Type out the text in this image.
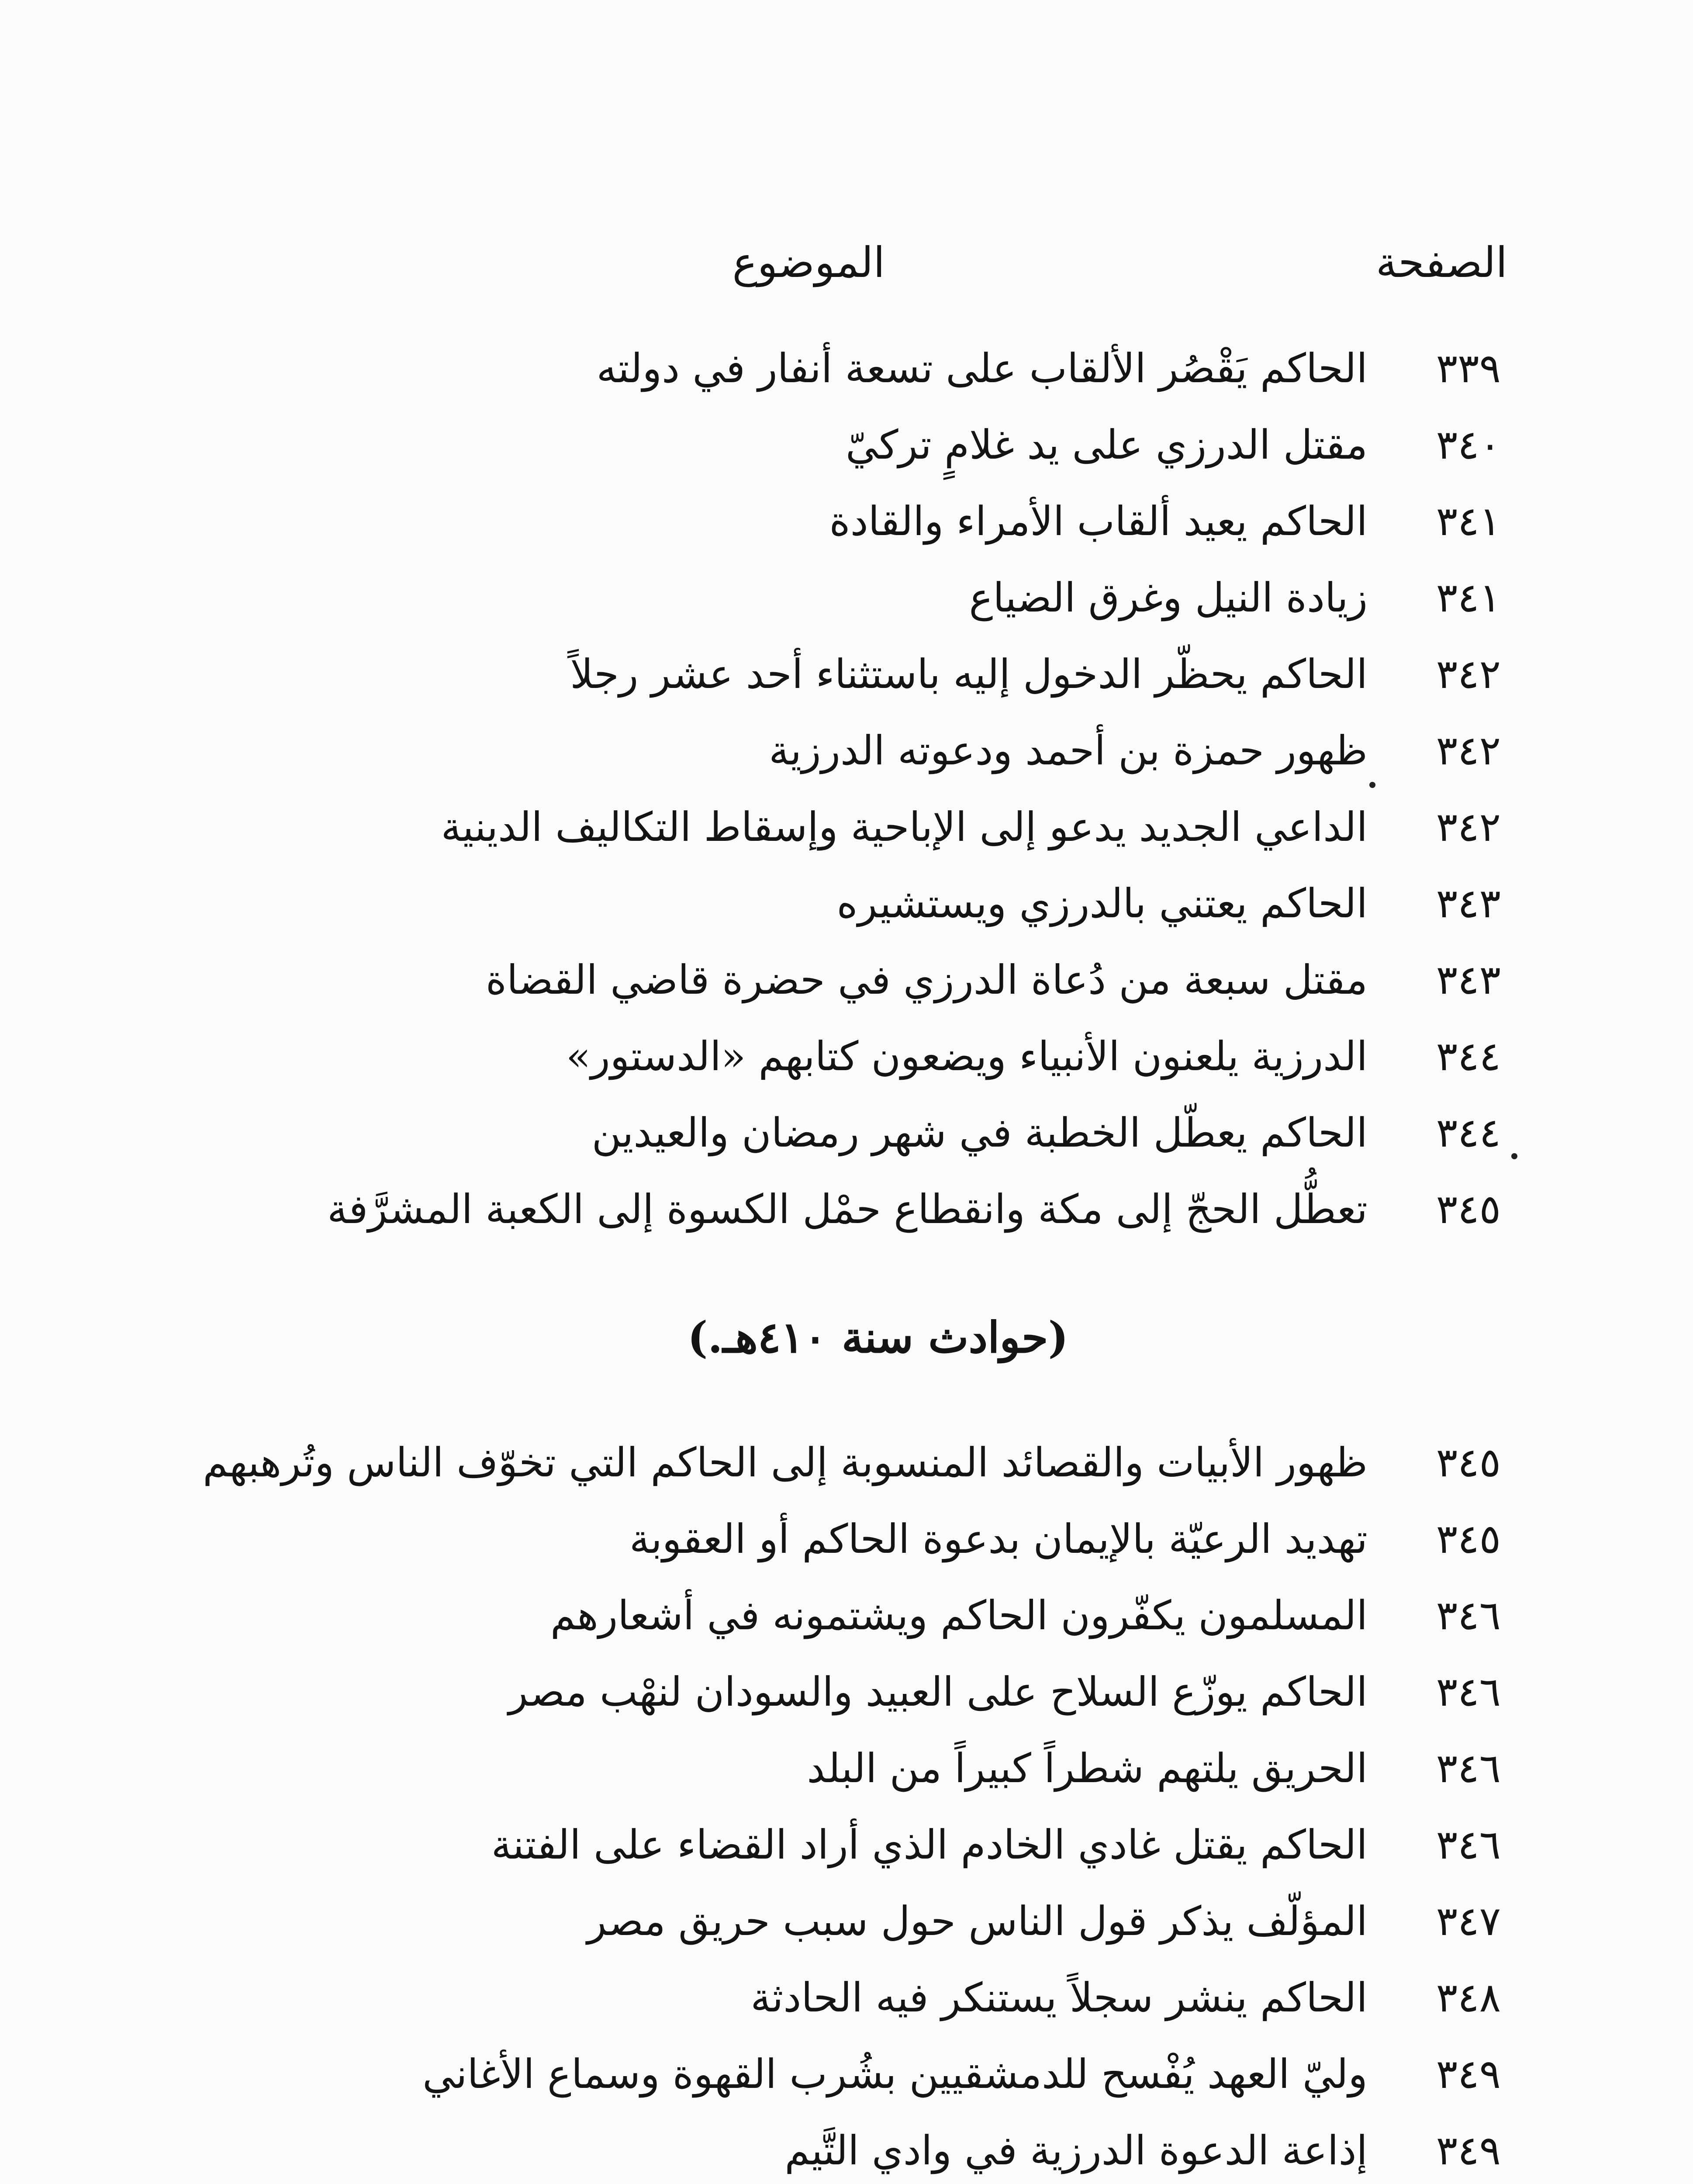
الصفحة
الموضوع
٣٣٩
الحاكم يَقْصُر الألقاب على تسعة أنفار في دولته
٣٤٠
مقتل الدرزي على يد غلامٍ تركيّ
٣٤١
الحاكم يعيد ألقاب الأمراء والقادة
٣٤١
زيادة النيل وغرق الضياع
٣٤٢
الحاكم يحظّر الدخول إليه باستثناء أحد عشر رجلاً
٣٤٢
ظهور حمزة بن أحمد ودعوته الدرزية
٣٤٢
الداعي الجديد يدعو إلى الإباحية وإسقاط التكاليف الدينية
٣٤٣
الحاكم يعتني بالدرزي ويستشيره
٣٤٣
مقتل سبعة من دُعاة الدرزي في حضرة قاضي القضاة
٣٤٤
الدرزية يلعنون الأنبياء ويضعون كتابهم «الدستور»
٣٤٤
الحاكم يعطّل الخطبة في شهر رمضان والعيدين
٣٤٥
تعطُّل الحجّ إلى مكة وانقطاع حمْل الكسوة إلى الكعبة المشرَّفة
(حوادث سنة ٤١٠هـ.)
٣٤٥
ظهور الأبيات والقصائد المنسوبة إلى الحاكم التي تخوّف الناس وتُرهبهم
٣٤٥
تهديد الرعيّة بالإيمان بدعوة الحاكم أو العقوبة
٣٤٦
المسلمون يكفّرون الحاكم ويشتمونه في أشعارهم
٣٤٦
الحاكم يوزّع السلاح على العبيد والسودان لنهْب مصر
٣٤٦
الحريق يلتهم شطراً كبيراً من البلد
٣٤٦
الحاكم يقتل غادي الخادم الذي أراد القضاء على الفتنة
٣٤٧
المؤلّف يذكر قول الناس حول سبب حريق مصر
٣٤٨
الحاكم ينشر سجلاً يستنكر فيه الحادثة
٣٤٩
وليّ العهد يُفْسح للدمشقيين بشُرب القهوة وسماع الأغاني
٣٤٩
إذاعة الدعوة الدرزية في وادي التَّيم
